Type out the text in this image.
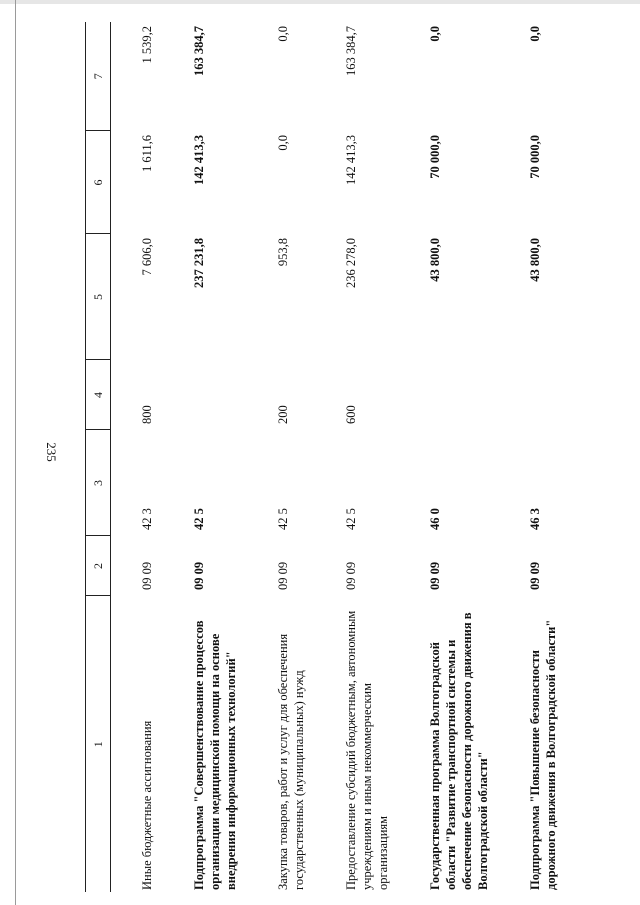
235
1	2	3	4	5	6	7
Иные бюджетные ассигнования	09 09	42 3	800	7 606,0	1 611,6	1 539,2
Подпрограмма "Совершенствование процессов организации медицинской помощи на основе внедрения информационных технологий"	09 09	42 5		237 231,8	142 413,3	163 384,7
Закупка товаров, работ и услуг для обеспечения государственных (муниципальных) нужд	09 09	42 5	200	953,8	0,0	0,0
Предоставление субсидий бюджетным, автономным учреждениям и иным некоммерческим организациям	09 09	42 5	600	236 278,0	142 413,3	163 384,7
Государственная программа Волгоградской области "Развитие транспортной системы и обеспечение безопасности дорожного движения в Волгоградской области"	09 09	46 0		43 800,0	70 000,0	0,0
Подпрограмма "Повышение безопасности дорожного движения в Волгоградской области"	09 09	46 3		43 800,0	70 000,0	0,0
